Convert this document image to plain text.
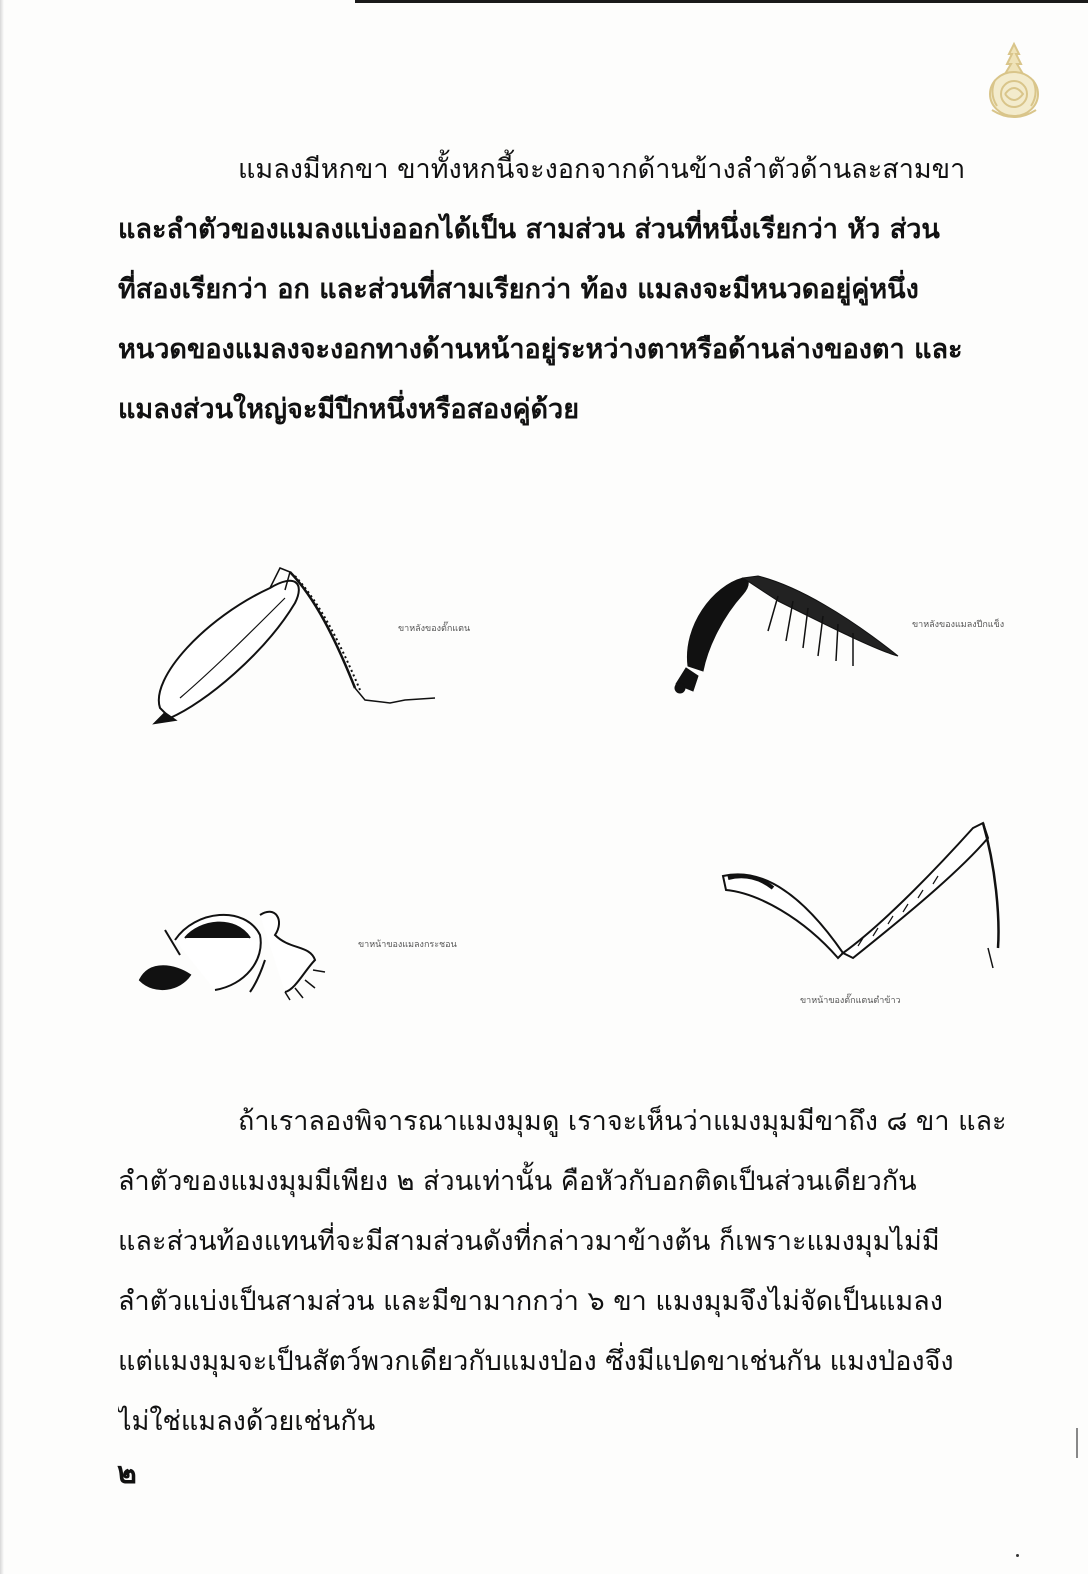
แมลงมีหกขา ขาทั้งหกนี้จะงอกจากด้านข้างลำตัวด้านละสามขา
และลำตัวของแมลงแบ่งออกได้เป็น สามส่วน ส่วนที่หนึ่งเรียกว่า หัว ส่วน
ที่สองเรียกว่า อก และส่วนที่สามเรียกว่า ท้อง แมลงจะมีหนวดอยู่คู่หนึ่ง
หนวดของแมลงจะงอกทางด้านหน้าอยู่ระหว่างตาหรือด้านล่างของตา และ
แมลงส่วนใหญ่จะมีปีกหนึ่งหรือสองคู่ด้วย

ขาหลังของตั๊กแตน	ขาหลังของแมลงปีกแข็ง
ขาหน้าของแมลงกระชอน
ขาหน้าของตั๊กแตนตำข้าว

ถ้าเราลองพิจารณาแมงมุมดู เราจะเห็นว่าแมงมุมมีขาถึง ๘ ขา และ
ลำตัวของแมงมุมมีเพียง ๒ ส่วนเท่านั้น คือหัวกับอกติดเป็นส่วนเดียวกัน
และส่วนท้องแทนที่จะมีสามส่วนดังที่กล่าวมาข้างต้น ก็เพราะแมงมุมไม่มี
ลำตัวแบ่งเป็นสามส่วน และมีขามากกว่า ๖ ขา แมงมุมจึงไม่จัดเป็นแมลง
แต่แมงมุมจะเป็นสัตว์พวกเดียวกับแมงป่อง ซึ่งมีแปดขาเช่นกัน แมงป่องจึง
ไม่ใช่แมลงด้วยเช่นกัน

๒
